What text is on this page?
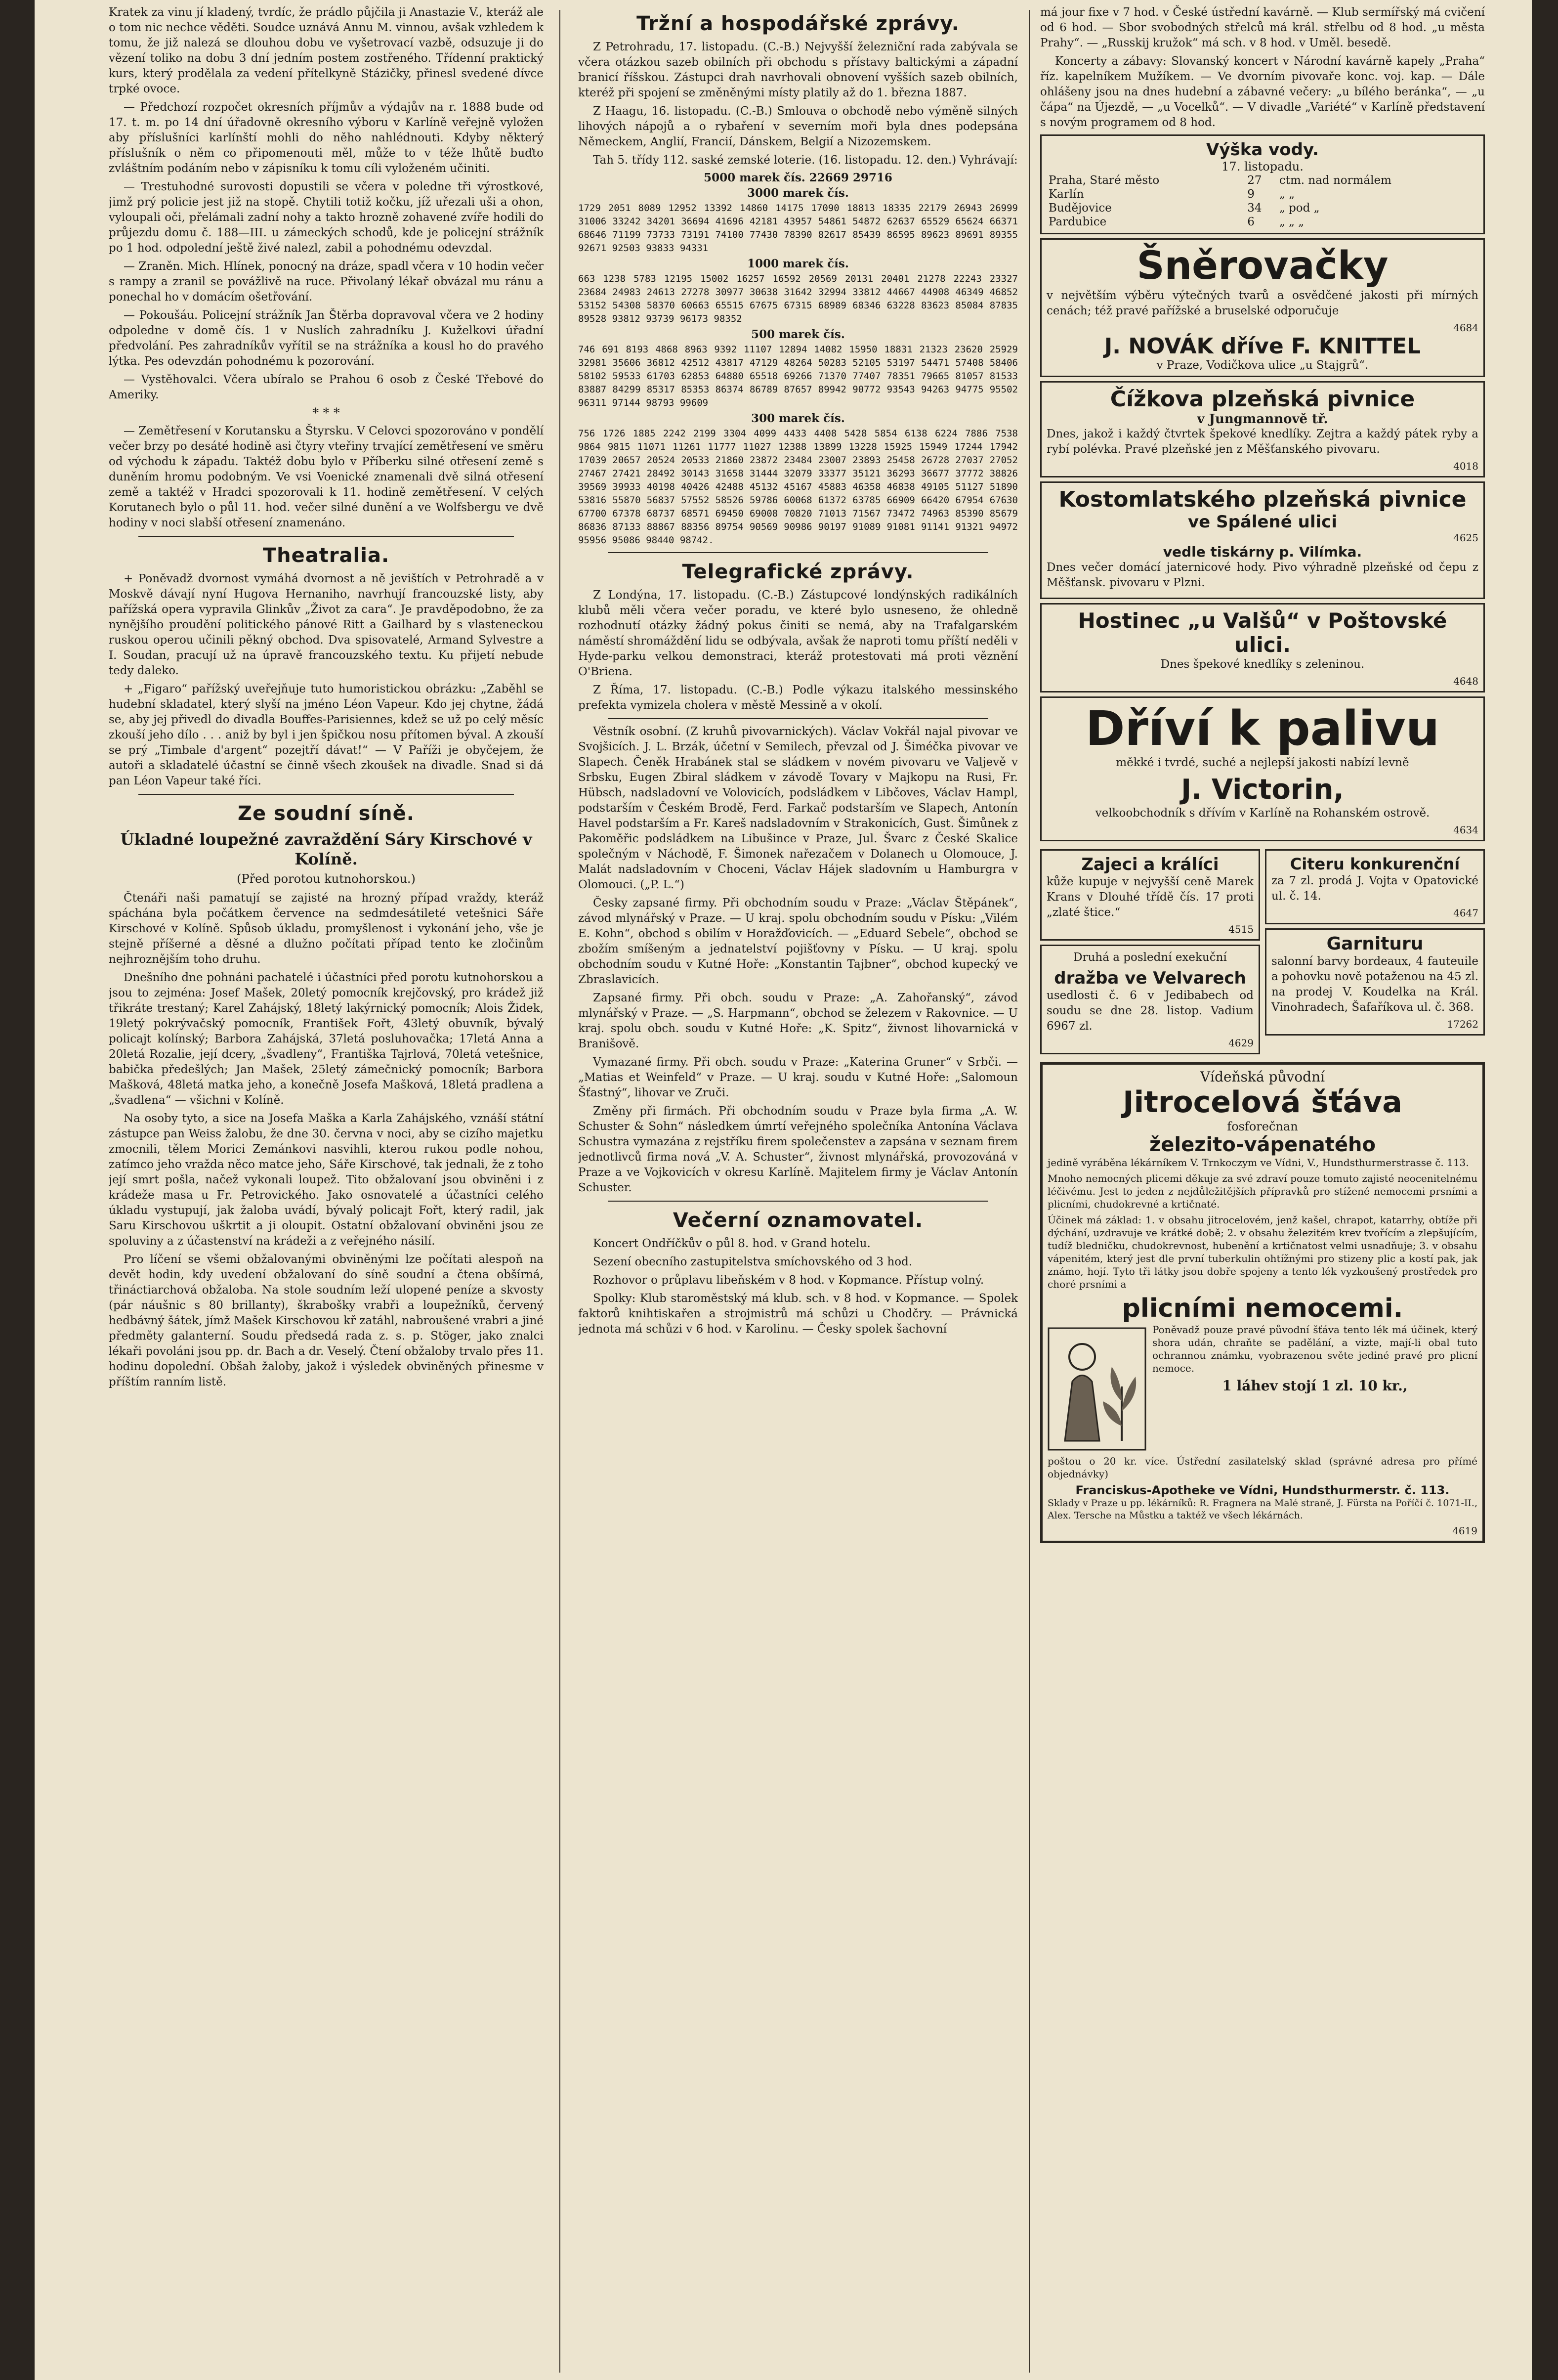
Kratek za vinu jí kladený, tvrdíc, že prádlo půjčila ji Anastazie V., kteráž ale o tom nic nechce věděti. Soudce uznává Annu M. vinnou, avšak vzhledem k tomu, že již nalezá se dlouhou dobu ve vyšetrovací vazbě, odsuzuje ji do vězení toliko na dobu 3 dní jedním postem zostřeného. Třídenní praktický kurs, který prodělala za vedení přítelkyně Stázičky, přinesl svedené dívce trpké ovoce.

— Předchozí rozpočet okresních příjmův a výdajův na r. 1888 bude od 17. t. m. po 14 dní úřadovně okresního výboru v Karlíně veřejně vyložen aby příslušníci karlínští mohli do něho nahlédnouti. Kdyby některý příslušník o něm co připomenouti měl, může to v téže lhůtě buďto zvláštním podáním nebo v zápisníku k tomu cíli vyloženém učiniti.

— Trestuhodné surovosti dopustili se včera v poledne tři výrostkové, jimž prý policie jest již na stopě. Chytili totiž kočku, jíž uřezali uši a ohon, vyloupali oči, přelámali zadní nohy a takto hrozně zohavené zvíře hodili do průjezdu domu č. 188—III. u zámeckých schodů, kde je policejní strážník po 1 hod. odpolední ještě živé nalezl, zabil a pohodnému odevzdal.

— Zraněn. Mich. Hlínek, ponocný na dráze, spadl včera v 10 hodin večer s rampy a zranil se povážlivě na ruce. Přivolaný lékař obvázal mu ránu a ponechal ho v domácím ošetřování.

— Pokoušáu. Policejní strážník Jan Štěrba dopravoval včera ve 2 hodiny odpoledne v domě čís. 1 v Nuslích zahradníku J. Kuželkovi úřadní předvolání. Pes zahradníkův vyřítil se na strážníka a kousl ho do pravého lýtka. Pes odevzdán pohodnému k pozorování.

— Vystěhovalci. Včera ubíralo se Prahou 6 osob z České Třebové do Ameriky.

* * *

— Zemětřesení v Korutansku a Štyrsku. V Celovci spozorováno v pondělí večer brzy po desáté hodině asi čtyry vteřiny trvající zemětřesení ve směru od východu k západu. Taktéž dobu bylo v Příberku silné otřesení země s duněním hromu podobným. Ve vsi Voenické znamenali dvě silná otřesení země a taktéž v Hradci spozorovali k 11. hodině zemětřesení. V celých Korutanech bylo o půl 11. hod. večer silné dunění a ve Wolfsbergu ve dvě hodiny v noci slabší otřesení znamenáno.

Theatralia.

+ Poněvadž dvornost vymáhá dvornost a ně jevištích v Petrohradě a v Moskvě dávají nyní Hugova Hernaniho, navrhují francouzské listy, aby pařížská opera vypravila Glinkův „Život za cara“. Je pravděpodobno, že za nynějšího proudění politického pánové Ritt a Gailhard by s vlasteneckou ruskou operou učinili pěkný obchod. Dva spisovatelé, Armand Sylvestre a I. Soudan, pracují už na úpravě francouzského textu. Ku přijetí nebude tedy daleko.

+ „Figaro“ pařížský uveřejňuje tuto humoristickou obrázku: „Zaběhl se hudební skladatel, který slyší na jméno Léon Vapeur. Kdo jej chytne, žádá se, aby jej přivedl do divadla Bouffes-Parisiennes, kdež se už po celý měsíc zkouší jeho dílo . . . aniž by byl i jen špičkou nosu přítomen býval. A zkouší se prý „Timbale d'argent“ pozejtří dávat!“ — V Paříži je obyčejem, že autoři a skladatelé účastní se činně všech zkoušek na divadle. Snad si dá pan Léon Vapeur také říci.

Ze soudní síně.
Úkladné loupežné zavraždění Sáry Kirschové v Kolíně.
(Před porotou kutnohorskou.)

Čtenáři naši pamatují se zajisté na hrozný případ vraždy, kteráž spáchána byla počátkem července na sedmdesátileté vetešnici Sáře Kirschové v Kolíně. Spůsob úkladu, promyšlenost i vykonání jeho, vše je stejně příšerné a děsné a dlužno počítati případ tento ke zločinům nejhroznějším toho druhu.

Dnešního dne pohnáni pachatelé i účastníci před porotu kutnohorskou a jsou to zejména: Josef Mašek, 20letý pomocník krejčovský, pro krádež již třikráte trestaný; Karel Zahájský, 18letý lakýrnický pomocník; Alois Židek, 19letý pokrývačský pomocník, František Fořt, 43letý obuvník, bývalý policajt kolínský; Barbora Zahájská, 37letá posluhovačka; 17letá Anna a 20letá Rozalie, její dcery, „švadleny“, Františka Tajrlová, 70letá vetešnice, babička předešlých; Jan Mašek, 25letý zámečnický pomocník; Barbora Mašková, 48letá matka jeho, a konečně Josefa Mašková, 18letá pradlena a „švadlena“ — všichni v Kolíně.

Na osoby tyto, a sice na Josefa Maška a Karla Zahájského, vznáší státní zástupce pan Weiss žalobu, že dne 30. června v noci, aby se cizího majetku zmocnili, tělem Morici Zemánkovi nasvihli, kterou rukou podle nohou, zatímco jeho vražda něco matce jeho, Sáře Kirschové, tak jednali, že z toho její smrt pošla, načež vykonali loupež. Tito obžalovaní jsou obviněni i z krádeže masa u Fr. Petrovického. Jako osnovatelé a účastníci celého úkladu vystupují, jak žaloba uvádí, bývalý policajt Fořt, který radil, jak Saru Kirschovou uškrtit a ji oloupit. Ostatní obžalovaní obviněni jsou ze spoluviny a z účastenství na krádeži a z veřejného násilí.

Pro líčení se všemi obžalovanými obviněnými lze počítati alespoň na devět hodin, kdy uvedení obžalovaní do síně soudní a čtena obšírná, třináctiarchová obžaloba. Na stole soudním leží ulopené peníze a skvosty (pár náušnic s 80 brillanty), škrabošky vrabři a loupežníků, červený hedbávný šátek, jímž Mašek Kirschovou kř zatáhl, nabroušené vrabri a jiné předměty galanterní. Soudu předsedá rada z. s. p. Stöger, jako znalci lékaři povoláni jsou pp. dr. Bach a dr. Veselý. Čtení obžaloby trvalo přes 11. hodinu dopolední. Obšah žaloby, jakož i výsledek obviněných přinesme v příštím ranním listě.

Tržní a hospodářské zprávy.

Z Petrohradu, 17. listopadu. (C.-B.) Nejvyšší železniční rada zabývala se včera otázkou sazeb obilních při obchodu s přístavy baltickými a západní branicí říšskou. Zástupci drah navrhovali obnovení vyšších sazeb obilních, kteréž při spojení se změněnými místy platily až do 1. března 1887.

Z Haagu, 16. listopadu. (C.-B.) Smlouva o obchodě nebo výměně silných lihových nápojů a o rybaření v severním moři byla dnes podepsána Německem, Anglií, Francií, Dánskem, Belgií a Nizozemskem.

Tah 5. třídy 112. saské zemské loterie. (16. listopadu. 12. den.) Vyhrávají:

5000 marek čís. 22669 29716
3000 marek čís.

1729 2051 8089 12952 13392 14860 14175 17090 18813 18335 22179 26943 26999 31006 33242 34201 36694 41696 42181 43957 54861 54872 62637 65529 65624 66371 68646 71199 73733 73191 74100 77430 78390 82617 85439 86595 89623 89691 89355 92671 92503 93833 94331

1000 marek čís.

663 1238 5783 12195 15002 16257 16592 20569 20131 20401 21278 22243 23327 23684 24983 24613 27278 30977 30638 31642 32994 33812 44667 44908 46349 46852 53152 54308 58370 60663 65515 67675 67315 68989 68346 63228 83623 85084 87835 89528 93812 93739 96173 98352

500 marek čís.

746 691 8193 4868 8963 9392 11107 12894 14082 15950 18831 21323 23620 25929 32981 35606 36812 42512 43817 47129 48264 50283 52105 53197 54471 57408 58406 58102 59533 61703 62853 64880 65518 69266 71370 77407 78351 79665 81057 81533 83887 84299 85317 85353 86374 86789 87657 89942 90772 93543 94263 94775 95502 96311 97144 98793 99609

300 marek čís.

756 1726 1885 2242 2199 3304 4099 4433 4408 5428 5854 6138 6224 7886 7538 9864 9815 11071 11261 11777 11027 12388 13899 13228 15925 15949 17244 17942 17039 20657 20524 20533 21860 23872 23484 23007 23893 25458 26728 27037 27052 27467 27421 28492 30143 31658 31444 32079 33377 35121 36293 36677 37772 38826 39569 39933 40198 40426 42488 45132 45167 45883 46358 46838 49105 51127 51890 53816 55870 56837 57552 58526 59786 60068 61372 63785 66909 66420 67954 67630 67700 67378 68737 68571 69450 69008 70820 71013 71567 73472 74963 85390 85679 86836 87133 88867 88356 89754 90569 90986 90197 91089 91081 91141 91321 94972 95956 95086 98440 98742.

Telegrafické zprávy.

Z Londýna, 17. listopadu. (C.-B.) Zástupcové londýnských radikálních klubů měli včera večer poradu, ve které bylo usneseno, že ohledně rozhodnutí otázky žádný pokus činiti se nemá, aby na Trafalgarském náměstí shromáždění lidu se odbývala, avšak že naproti tomu příští neděli v Hyde-parku velkou demonstraci, kteráž protestovati má proti věznění O'Briena.

Z Říma, 17. listopadu. (C.-B.) Podle výkazu italského messinského prefekta vymizela cholera v městě Messině a v okolí.

Věstník osobní. (Z kruhů pivovarnických). Václav Vokřál najal pivovar ve Svojšicích. J. L. Brzák, účetní v Semilech, převzal od J. Šiméčka pivovar ve Slapech. Čeněk Hrabánek stal se sládkem v novém pivovaru ve Valjevě v Srbsku, Eugen Zbiral sládkem v závodě Tovary v Majkopu na Rusi, Fr. Hübsch, nadsladovní ve Volovicích, podsládkem v Libčoves, Václav Hampl, podstarším v Českém Brodě, Ferd. Farkač podstarším ve Slapech, Antonín Havel podstarším a Fr. Kareš nadsladovním v Strakonicích, Gust. Šimůnek z Pakoměřic podsládkem na Libušince v Praze, Jul. Švarc z České Skalice společným v Náchodě, F. Šimonek nařezačem v Dolanech u Olomouce, J. Malát nadsladovním v Choceni, Václav Hájek sladovním u Hamburgra v Olomouci. („P. L.“)

Česky zapsané firmy. Při obchodním soudu v Praze: „Václav Štěpánek“, závod mlynářský v Praze. — U kraj. spolu obchodním soudu v Písku: „Vilém E. Kohn“, obchod s obilím v Horažďovicích. — „Eduard Sebele“, obchod se zbožím smíšeným a jednatelství pojišťovny v Písku. — U kraj. spolu obchodním soudu v Kutné Hoře: „Konstantin Tajbner“, obchod kupecký ve Zbraslavicích.

Zapsané firmy. Při obch. soudu v Praze: „A. Zahořanský“, závod mlynářský v Praze. — „S. Harpmann“, obchod se železem v Rakovnice. — U kraj. spolu obch. soudu v Kutné Hoře: „K. Spitz“, živnost lihovarnická v Branišově.

Vymazané firmy. Při obch. soudu v Praze: „Katerina Gruner“ v Srbči. — „Matias et Weinfeld“ v Praze. — U kraj. soudu v Kutné Hoře: „Salomoun Šťastný“, lihovar ve Zruči.

Změny při firmách. Při obchodním soudu v Praze byla firma „A. W. Schuster & Sohn“ následkem úmrtí veřejného společníka Antonína Václava Schustra vymazána z rejstříku firem společenstev a zapsána v seznam firem jednotlivců firma nová „V. A. Schuster“, živnost mlynářská, provozováná v Praze a ve Vojkovicích v okresu Karlíně. Majitelem firmy je Václav Antonín Schuster.

Večerní oznamovatel.

Koncert Ondříčkův o půl 8. hod. v Grand hotelu.

Sezení obecního zastupitelstva smíchovského od 3 hod.

Rozhovor o průplavu libeňském v 8 hod. v Kopmance. Přístup volný.

Spolky: Klub staroměstský má klub. sch. v 8 hod. v Kopmance. — Spolek faktorů knihtiskařen a strojmistrů má schůzi u Chodčry. — Právnická jednota má schůzi v 6 hod. v Karolinu. — Česky spolek šachovní

má jour fixe v 7 hod. v České ústřední kavárně. — Klub sermířský má cvičení od 6 hod. — Sbor svobodných střelců má král. střelbu od 8 hod. „u města Prahy“. — „Russkij kružok“ má sch. v 8 hod. v Uměl. besedě.

Koncerty a zábavy: Slovanský koncert v Národní kavárně kapely „Praha“ říz. kapelníkem Mužíkem. — Ve dvorním pivovaře konc. voj. kap. — Dále ohlášeny jsou na dnes hudební a zábavné večery: „u bílého beránka“, — „u čápa“ na Újezdě, — „u Vocelků“. — V divadle „Variété“ v Karlíně představení s novým programem od 8 hod.

Výška vody.
17. listopadu.
Praha, Staré město	27	ctm. nad normálem
Karlín	9	„ „
Budějovice	34	„ pod „
Pardubice	6	„ „ „
Šněrovačky

v největším výběru výtečných tvarů a osvědčené jakosti při mírných cenách; též pravé pařížské a bruselské odporučuje

4684
J. NOVÁK dříve F. KNITTEL
v Praze, Vodičkova ulice „u Stajgrů“.
Čížkova plzeňská pivnice
v Jungmannově tř.

Dnes, jakož i každý čtvrtek špekové knedlíky. Zejtra a každý pátek ryby a rybí polévka. Pravé plzeňské jen z Měšťanského pivovaru.

4018
Kostomlatského plzeňská pivnice
ve Spálené ulici
4625
vedle tiskárny p. Vilímka.

Dnes večer domácí jaternicové hody. Pivo výhradně plzeňské od čepu z Měšťansk. pivovaru v Plzni.

Hostinec „u Valšů“ v Poštovské ulici.

Dnes špekové knedlíky s zeleninou.

4648
Dříví k palivu

měkké i tvrdé, suché a nejlepší jakosti nabízí levně

J. Victorin,

velkoobchodník s dřívím v Karlíně na Rohanském ostrově.

4634
Zajeci a králíci

kůže kupuje v nejvyšší ceně Marek Krans v Dlouhé třídě čís. 17 proti „zlaté štice.“

4515

Druhá a poslední exekuční

dražba ve Velvarech

usedlosti č. 6 v Jedibabech od soudu se dne 28. listop. Vadium 6967 zl.

4629
Citeru konkurenční

za 7 zl. prodá J. Vojta v Opatovické ul. č. 14.

4647
Garnituru

salonní barvy bordeaux, 4 fauteuile a pohovku nově potaženou na 45 zl. na prodej V. Koudelka na Král. Vinohradech, Šafaříkova ul. č. 368.

17262
Vídeňská původní
Jitrocelová šťáva
fosforečnan
železito-vápenatého

jedině vyráběna lékárníkem V. Trnkoczym ve Vídni, V., Hundsthurmerstrasse č. 113.

Mnoho nemocných plicemi děkuje za své zdraví pouze tomuto zajisté neocenitelnému léčivému. Jest to jeden z nejdůležitějších přípravků pro stížené nemocemi prsními a plicními, chudokrevné a krtičnaté.

Účinek má základ: 1. v obsahu jitrocelovém, jenž kašel, chrapot, katarrhy, obtíže při dýchání, uzdravuje ve krátké době; 2. v obsahu železitém krev tvořícím a zlepšujícím, tudíž bledničku, chudokrevnost, hubenění a krtičnatost velmi usnadňuje; 3. v obsahu vápenitém, který jest dle první tuberkulin ohtížnými pro stizeny plic a kostí pak, jak známo, hojí. Tyto tři látky jsou dobře spojeny a tento lék vyzkoušený prostředek pro choré prsními a

plicními nemocemi.

Poněvadž pouze pravé původní šťáva tento lék má účinek, který shora udán, chraňte se padělání, a vizte, mají-li obal tuto ochrannou známku, vyobrazenou světe jediné pravé pro plicní nemoce.

1 láhev stojí 1 zl. 10 kr.,

poštou o 20 kr. více. Ústřední zasilatelský sklad (správné adresa pro přímé objednávky)

Franciskus-Apotheke ve Vídni, Hundsthurmerstr. č. 113.

Sklady v Praze u pp. lékárníků: R. Fragnera na Malé straně, J. Fürsta na Poříčí č. 1071-II., Alex. Tersche na Můstku a taktéž ve všech lékárnách.

4619
